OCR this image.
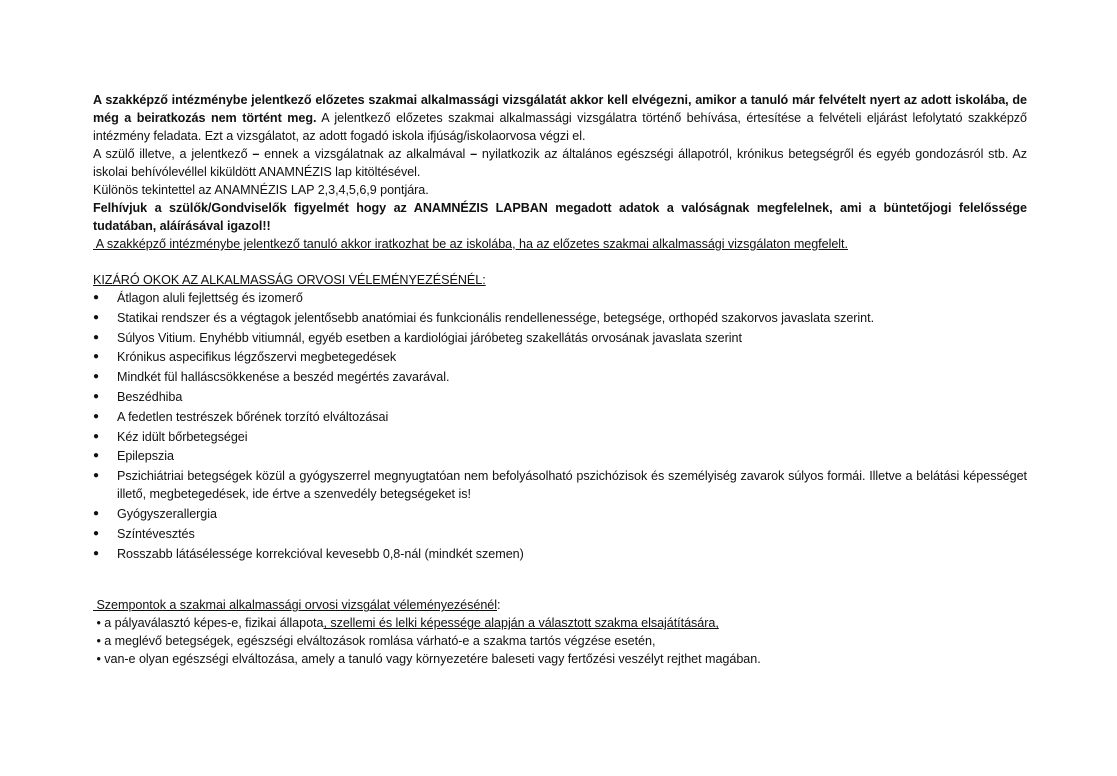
A szakképző intézménybe jelentkező előzetes szakmai alkalmassági vizsgálatát akkor kell elvégezni, amikor a tanuló már felvételt nyert az adott iskolába, de még a beiratkozás nem történt meg. A jelentkező előzetes szakmai alkalmassági vizsgálatra történő behívása, értesítése a felvételi eljárást lefolytató szakképző intézmény feladata. Ezt a vizsgálatot, az adott fogadó iskola ifjúság/iskolaorvosa végzi el.

A szülő illetve, a jelentkező – ennek a vizsgálatnak az alkalmával – nyilatkozik az általános egészségi állapotról, krónikus betegségről és egyéb gondozásról stb. Az iskolai behívólevéllel kiküldött ANAMNÉZIS lap kitöltésével.

Különös tekintettel az ANAMNÉZIS LAP 2,3,4,5,6,9 pontjára.

Felhívjuk a szülők/Gondviselők figyelmét hogy az ANAMNÉZIS LAPBAN megadott adatok a valóságnak megfelelnek, ami a büntetőjogi felelőssége tudatában, aláírásával igazol!!

A szakképző intézménybe jelentkező tanuló akkor iratkozhat be az iskolába, ha az előzetes szakmai alkalmassági vizsgálaton megfelelt.

KIZÁRÓ OKOK AZ ALKALMASSÁG ORVOSI VÉLEMÉNYEZÉSÉNÉL:

●	Átlagon aluli fejlettség és izomerő
●	Statikai rendszer és a végtagok jelentősebb anatómiai és funkcionális rendellenessége, betegsége, orthopéd szakorvos javaslata szerint.
●	Súlyos Vitium. Enyhébb vitiumnál, egyéb esetben a kardiológiai járóbeteg szakellátás orvosának javaslata szerint
●	Krónikus aspecifikus légzőszervi megbetegedések
●	Mindkét fül halláscsökkenése a beszéd megértés zavarával.
●	Beszédhiba
●	A fedetlen testrészek bőrének torzító elváltozásai
●	Kéz idült bőrbetegségei
●	Epilepszia
●	Pszichiátriai betegségek közül a gyógyszerrel megnyugtatóan nem befolyásolható pszichózisok és személyiség zavarok súlyos formái. Illetve a belátási képességet illető, megbetegedések, ide értve a szenvedély betegségeket is!
●	Gyógyszerallergia
●	Színtévesztés
●	Rosszabb látásélessége korrekcióval kevesebb 0,8-nál (mindkét szemen)

Szempontok a szakmai alkalmassági orvosi vizsgálat véleményezésénél:

• a pályaválasztó képes-e, fizikai állapota, szellemi és lelki képessége alapján a választott szakma elsajátítására,

• a meglévő betegségek, egészségi elváltozások romlása várható-e a szakma tartós végzése esetén,

• van-e olyan egészségi elváltozása, amely a tanuló vagy környezetére baleseti vagy fertőzési veszélyt rejthet magában.
